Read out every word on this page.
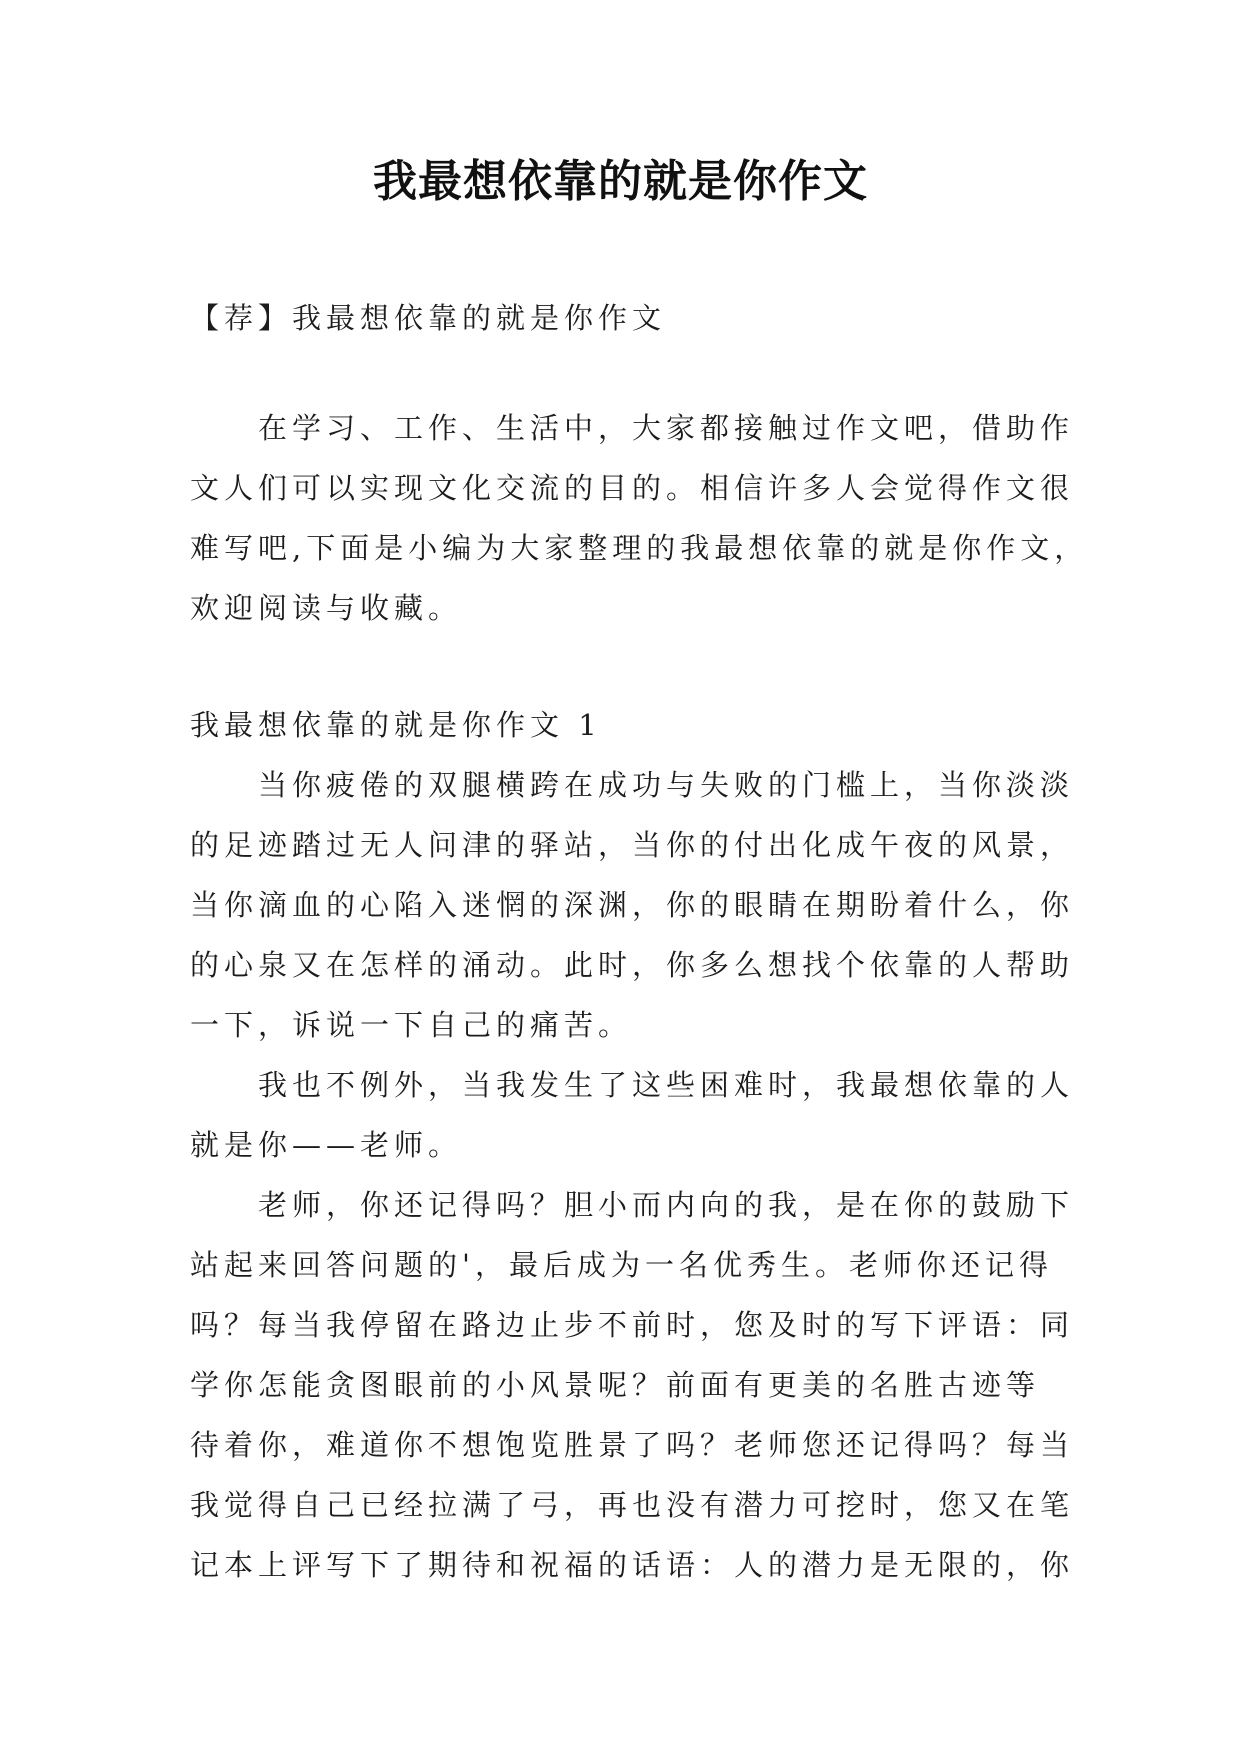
我最想依靠的就是你作文
【荐】我最想依靠的就是你作文
在学习、工作、生活中，大家都接触过作文吧，借助作
文人们可以实现文化交流的目的。相信许多人会觉得作文很
难写吧,下面是小编为大家整理的我最想依靠的就是你作文，
欢迎阅读与收藏。
我最想依靠的就是你作文 1
当你疲倦的双腿横跨在成功与失败的门槛上，当你淡淡
的足迹踏过无人问津的驿站，当你的付出化成午夜的风景，
当你滴血的心陷入迷惘的深渊，你的眼睛在期盼着什么，你
的心泉又在怎样的涌动。此时，你多么想找个依靠的人帮助
一下，诉说一下自己的痛苦。
我也不例外，当我发生了这些困难时，我最想依靠的人
就是你——老师。
老师，你还记得吗？胆小而内向的我，是在你的鼓励下
站起来回答问题的'，最后成为一名优秀生。老师你还记得
吗？每当我停留在路边止步不前时，您及时的写下评语：同
学你怎能贪图眼前的小风景呢？前面有更美的名胜古迹等
待着你，难道你不想饱览胜景了吗？老师您还记得吗？每当
我觉得自己已经拉满了弓，再也没有潜力可挖时，您又在笔
记本上评写下了期待和祝福的话语：人的潜力是无限的，你
